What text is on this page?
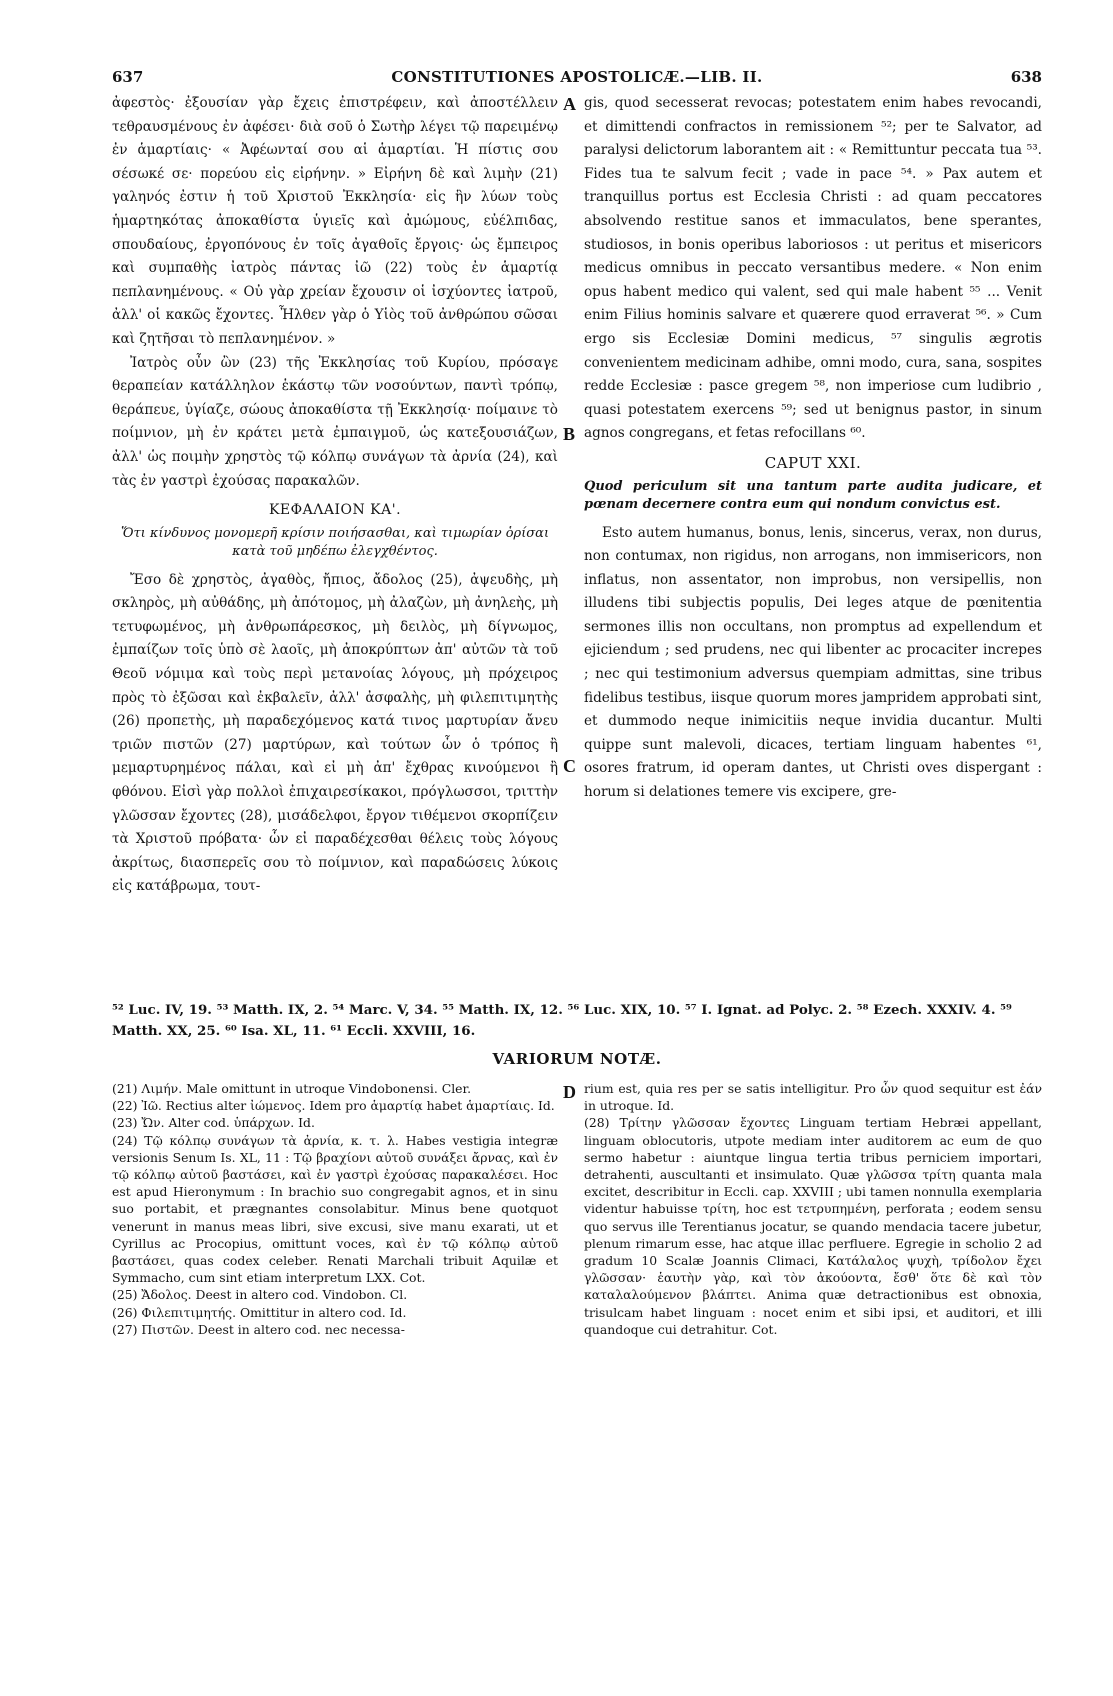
637	CONSTITUTIONES APOSTOLICÆ.—LIB. II.	638
A
B
C
D

ἀφεστὸς· ἐξουσίαν γὰρ ἔχεις ἐπιστρέφειν, καὶ ἀποστέλλειν τεθραυσμένους ἐν ἀφέσει· διὰ σοῦ ὁ Σωτὴρ λέγει τῷ παρειμένῳ ἐν ἁμαρτίαις· « Ἀφέωνταί σου αἱ ἁμαρτίαι. Ἡ πίστις σου σέσωκέ σε· πορεύου εἰς εἰρήνην. » Εἰρήνη δὲ καὶ λιμὴν (21) γαληνός ἐστιν ἡ τοῦ Χριστοῦ Ἐκκλησία· εἰς ἣν λύων τοὺς ἡμαρτηκότας ἀποκαθίστα ὑγιεῖς καὶ ἀμώμους, εὐέλπιδας, σπουδαίους, ἐργοπόνους ἐν τοῖς ἀγαθοῖς ἔργοις· ὡς ἔμπειρος καὶ συμπαθὴς ἰατρὸς πάντας ἰῶ (22) τοὺς ἐν ἁμαρτίᾳ πεπλανημένους. « Οὐ γὰρ χρείαν ἔχουσιν οἱ ἰσχύοντες ἰατροῦ, ἀλλ' οἱ κακῶς ἔχοντες. Ἦλθεν γὰρ ὁ Υἱὸς τοῦ ἀνθρώπου σῶσαι καὶ ζητῆσαι τὸ πεπλανημένον. »

Ἰατρὸς οὖν ὢν (23) τῆς Ἐκκλησίας τοῦ Κυρίου, πρόσαγε θεραπείαν κατάλληλον ἑκάστῳ τῶν νοσούντων, παντὶ τρόπῳ, θεράπευε, ὑγίαζε, σώους ἀποκαθίστα τῇ Ἐκκλησίᾳ· ποίμαινε τὸ ποίμνιον, μὴ ἐν κράτει μετὰ ἐμπαιγμοῦ, ὡς κατεξουσιάζων, ἀλλ' ὡς ποιμὴν χρηστὸς τῷ κόλπῳ συνάγων τὰ ἀρνία (24), καὶ τὰς ἐν γαστρὶ ἐχούσας παρακαλῶν.

ΚΕΦΑΛΑΙΟΝ ΚΑ'.
Ὅτι κίνδυνος μονομερῆ κρίσιν ποιήσασθαι, καὶ τιμωρίαν ὁρίσαι κατὰ τοῦ μηδέπω ἐλεγχθέντος.

Ἔσο δὲ χρηστὸς, ἀγαθὸς, ἤπιος, ἄδολος (25), ἀψευδὴς, μὴ σκληρὸς, μὴ αὐθάδης, μὴ ἀπότομος, μὴ ἀλαζὼν, μὴ ἀνηλεὴς, μὴ τετυφωμένος, μὴ ἀνθρωπάρεσκος, μὴ δειλὸς, μὴ δίγνωμος, ἐμπαίζων τοῖς ὑπὸ σὲ λαοῖς, μὴ ἀποκρύπτων ἀπ' αὐτῶν τὰ τοῦ Θεοῦ νόμιμα καὶ τοὺς περὶ μετανοίας λόγους, μὴ πρόχειρος πρὸς τὸ ἐξῶσαι καὶ ἐκβαλεῖν, ἀλλ' ἀσφαλὴς, μὴ φιλεπιτιμητὴς (26) προπετὴς, μὴ παραδεχόμενος κατά τινος μαρτυρίαν ἄνευ τριῶν πιστῶν (27) μαρτύρων, καὶ τούτων ὧν ὁ τρόπος ἢ μεμαρτυρημένος πάλαι, καὶ εἰ μὴ ἀπ' ἔχθρας κινούμενοι ἢ φθόνου. Εἰσὶ γὰρ πολλοὶ ἐπιχαιρεσίκακοι, πρόγλωσσοι, τριττὴν γλῶσσαν ἔχοντες (28), μισάδελφοι, ἔργον τιθέμενοι σκορπίζειν τὰ Χριστοῦ πρόβατα· ὧν εἰ παραδέχεσθαι θέλεις τοὺς λόγους ἀκρίτως, διασπερεῖς σου τὸ ποίμνιον, καὶ παραδώσεις λύκοις εἰς κατάβρωμα, τουτ-

gis, quod secesserat revocas; potestatem enim habes revocandi, et dimittendi confractos in remissionem ⁵²; per te Salvator, ad paralysi delictorum laborantem ait : « Remittuntur peccata tua ⁵³. Fides tua te salvum fecit ; vade in pace ⁵⁴. » Pax autem et tranquillus portus est Ecclesia Christi : ad quam peccatores absolvendo restitue sanos et immaculatos, bene sperantes, studiosos, in bonis operibus laboriosos : ut peritus et misericors medicus omnibus in peccato versantibus medere. « Non enim opus habent medico qui valent, sed qui male habent ⁵⁵ ... Venit enim Filius hominis salvare et quærere quod erraverat ⁵⁶. » Cum ergo sis Ecclesiæ Domini medicus, ⁵⁷ singulis ægrotis convenientem medicinam adhibe, omni modo, cura, sana, sospites redde Ecclesiæ : pasce gregem ⁵⁸, non imperiose cum ludibrio , quasi potestatem exercens ⁵⁹; sed ut benignus pastor, in sinum agnos congregans, et fetas refocillans ⁶⁰.

CAPUT XXI.
Quod periculum sit una tantum parte audita judicare, et pœnam decernere contra eum qui nondum convictus est.

Esto autem humanus, bonus, lenis, sincerus, verax, non durus, non contumax, non rigidus, non arrogans, non immisericors, non inflatus, non assentator, non improbus, non versipellis, non illudens tibi subjectis populis, Dei leges atque de pœnitentia sermones illis non occultans, non promptus ad expellendum et ejiciendum ; sed prudens, nec qui libenter ac procaciter increpes ; nec qui testimonium adversus quempiam admittas, sine tribus fidelibus testibus, iisque quorum mores jampridem approbati sint, et dummodo neque inimicitiis neque invidia ducantur. Multi quippe sunt malevoli, dicaces, tertiam linguam habentes ⁶¹, osores fratrum, id operam dantes, ut Christi oves dispergant : horum si delationes temere vis excipere, gre-

⁵² Luc. IV, 19. ⁵³ Matth. IX, 2. ⁵⁴ Marc. V, 34. ⁵⁵ Matth. IX, 12. ⁵⁶ Luc. XIX, 10. ⁵⁷ I. Ignat. ad Polyc. 2. ⁵⁸ Ezech. XXXIV. 4. ⁵⁹ Matth. XX, 25. ⁶⁰ Isa. XL, 11. ⁶¹ Eccli. XXVIII, 16.
VARIORUM NOTÆ.

(21) Λιμήν. Male omittunt in utroque Vindobonensi. Cler.

(22) Ἰῶ. Rectius alter ἰώμενος. Idem pro ἁμαρτίᾳ habet ἁμαρτίαις. Id.

(23) Ὤν. Alter cod. ὑπάρχων. Id.

(24) Τῷ κόλπῳ συνάγων τὰ ἀρνία, κ. τ. λ. Habes vestigia integræ versionis Senum Is. XL, 11 : Τῷ βραχίονι αὐτοῦ συνάξει ἄρνας, καὶ ἐν τῷ κόλπῳ αὐτοῦ βαστάσει, καὶ ἐν γαστρὶ ἐχούσας παρακαλέσει. Hoc est apud Hieronymum : In brachio suo congregabit agnos, et in sinu suo portabit, et prægnantes consolabitur. Minus bene quotquot venerunt in manus meas libri, sive excusi, sive manu exarati, ut et Cyrillus ac Procopius, omittunt voces, καὶ ἐν τῷ κόλπῳ αὐτοῦ βαστάσει, quas codex celeber. Renati Marchali tribuit Aquilæ et Symmacho, cum sint etiam interpretum LXX. Cot.

(25) Ἄδολος. Deest in altero cod. Vindobon. Cl.

(26) Φιλεπιτιμητής. Omittitur in altero cod. Id.

(27) Πιστῶν. Deest in altero cod. nec necessa-

rium est, quia res per se satis intelligitur. Pro ὧν quod sequitur est ἐάν in utroque. Id.

(28) Τρίτην γλῶσσαν ἔχοντες Linguam tertiam Hebræi appellant, linguam oblocutoris, utpote mediam inter auditorem ac eum de quo sermo habetur : aiuntque lingua tertia tribus perniciem importari, detrahenti, auscultanti et insimulato. Quæ γλῶσσα τρίτη quanta mala excitet, describitur in Eccli. cap. XXVIII ; ubi tamen nonnulla exemplaria videntur habuisse τρίτη, hoc est τετρυπημένη, perforata ; eodem sensu quo servus ille Terentianus jocatur, se quando mendacia tacere jubetur, plenum rimarum esse, hac atque illac perfluere. Egregie in scholio 2 ad gradum 10 Scalæ Joannis Climaci, Κατάλαλος ψυχὴ, τρίδολον ἔχει γλῶσσαν· ἑαυτὴν γὰρ, καὶ τὸν ἀκούοντα, ἔσθ' ὅτε δὲ καὶ τὸν καταλαλούμενον βλάπτει. Anima quæ detractionibus est obnoxia, trisulcam habet linguam : nocet enim et sibi ipsi, et auditori, et illi quandoque cui detrahitur. Cot.
